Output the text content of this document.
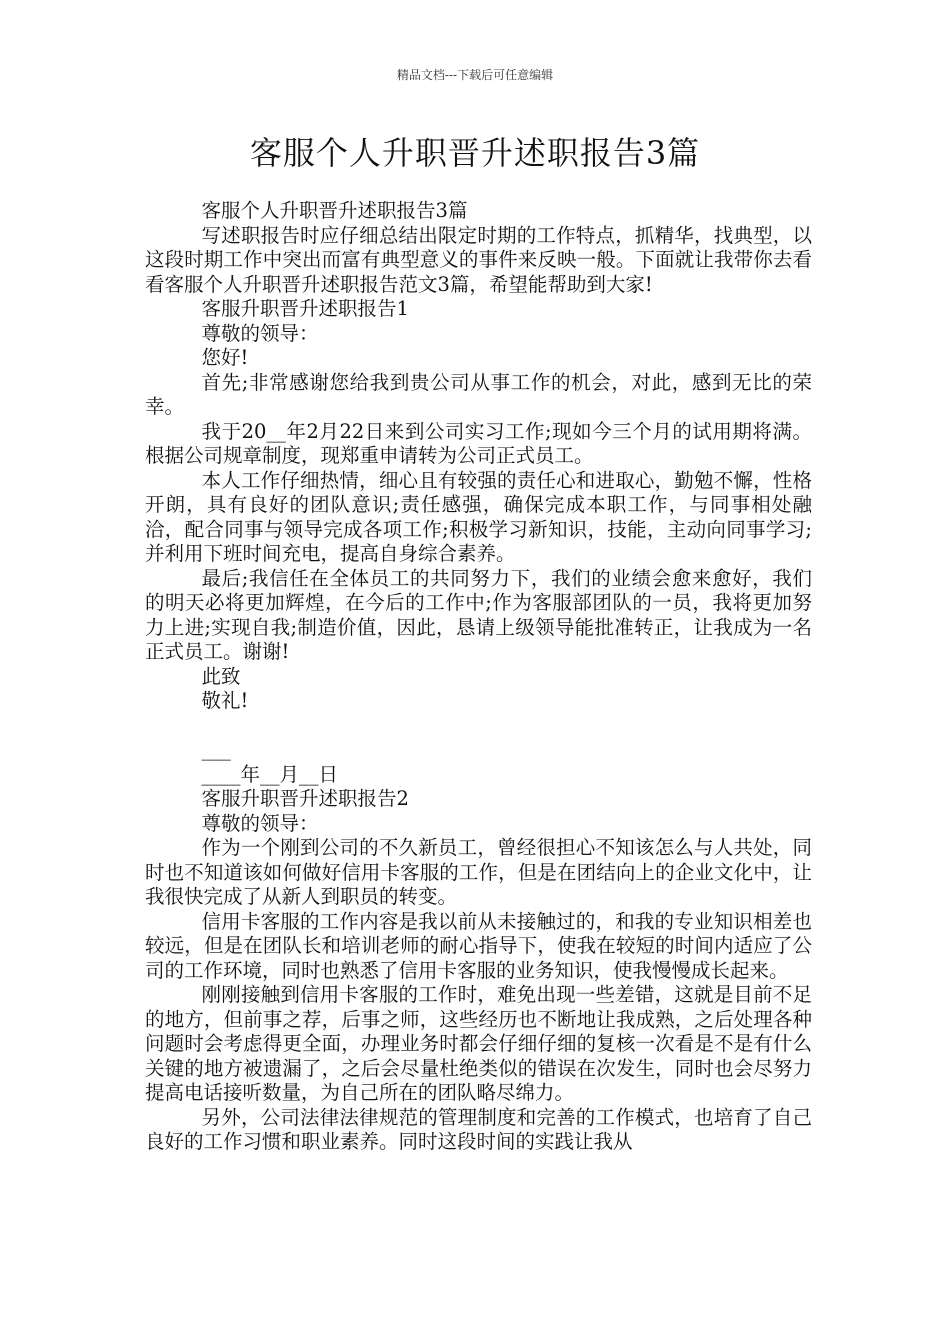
精品文档---下载后可任意编辑
客服个人升职晋升述职报告3篇

客服个人升职晋升述职报告3篇

写述职报告时应仔细总结出限定时期的工作特点，抓精华，找典型，以这段时期工作中突出而富有典型意义的事件来反映一般。下面就让我带你去看看客服个人升职晋升述职报告范文3篇，希望能帮助到大家!

客服升职晋升述职报告1

尊敬的领导：

您好!

首先;非常感谢您给我到贵公司从事工作的机会，对此，感到无比的荣幸。

我于20__年2月22日来到公司实习工作;现如今三个月的试用期将满。根据公司规章制度，现郑重申请转为公司正式员工。

本人工作仔细热情，细心且有较强的责任心和进取心，勤勉不懈，性格开朗，具有良好的团队意识;责任感强，确保完成本职工作，与同事相处融洽，配合同事与领导完成各项工作;积极学习新知识，技能，主动向同事学习;并利用下班时间充电，提高自身综合素养。

最后;我信任在全体员工的共同努力下，我们的业绩会愈来愈好，我们的明天必将更加辉煌，在今后的工作中;作为客服部团队的一员，我将更加努力上进;实现自我;制造价值，因此，恳请上级领导能批准转正，让我成为一名正式员工。谢谢!

此致

敬礼!

___

____年__月__日

客服升职晋升述职报告2

尊敬的领导：

作为一个刚到公司的不久新员工，曾经很担心不知该怎么与人共处，同时也不知道该如何做好信用卡客服的工作，但是在团结向上的企业文化中，让我很快完成了从新人到职员的转变。

信用卡客服的工作内容是我以前从未接触过的，和我的专业知识相差也较远，但是在团队长和培训老师的耐心指导下，使我在较短的时间内适应了公司的工作环境，同时也熟悉了信用卡客服的业务知识，使我慢慢成长起来。

刚刚接触到信用卡客服的工作时，难免出现一些差错，这就是目前不足的地方，但前事之荐，后事之师，这些经历也不断地让我成熟，之后处理各种问题时会考虑得更全面，办理业务时都会仔细仔细的复核一次看是不是有什么关键的地方被遗漏了，之后会尽量杜绝类似的错误在次发生，同时也会尽努力提高电话接听数量，为自己所在的团队略尽绵力。

另外，公司法律法律规范的管理制度和完善的工作模式，也培育了自己良好的工作习惯和职业素养。同时这段时间的实践让我从
